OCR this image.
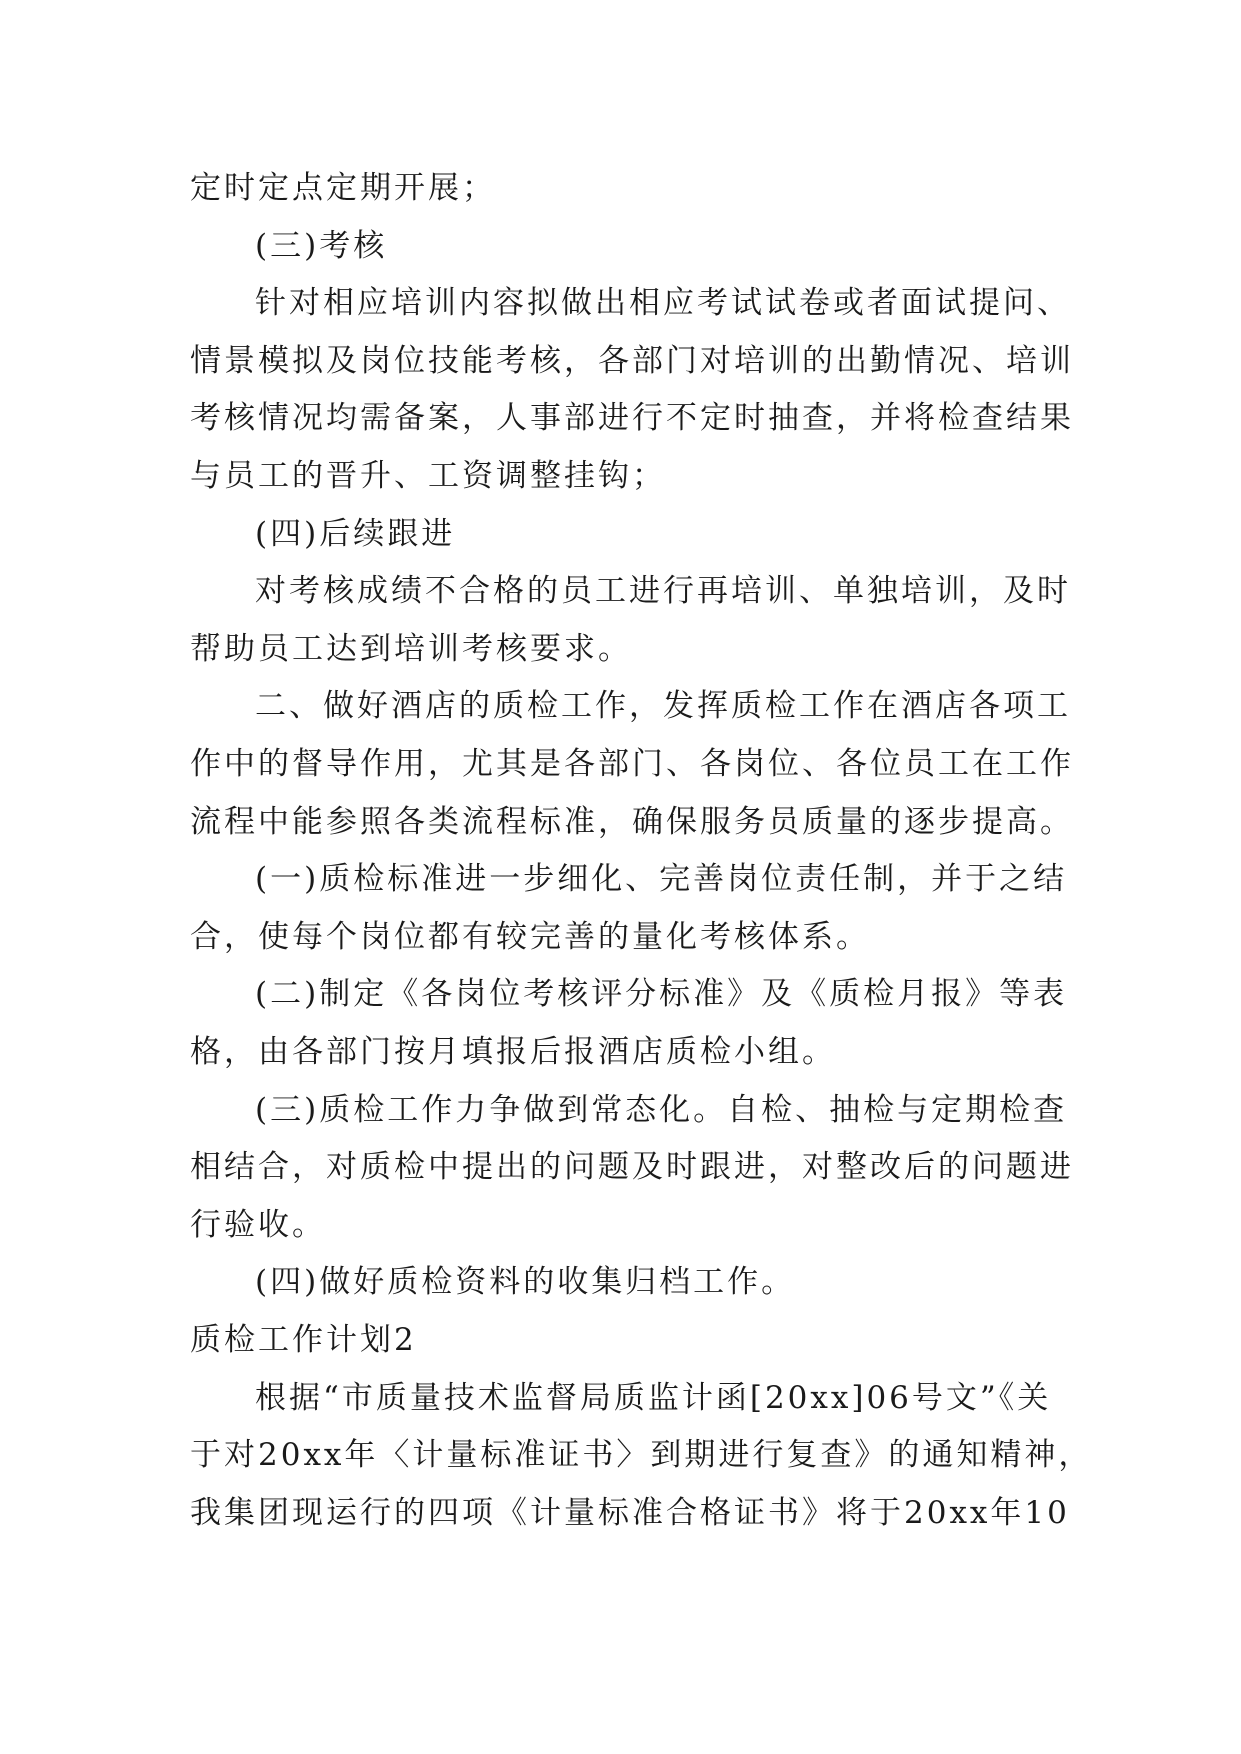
定时定点定期开展；
(三)考核
针对相应培训内容拟做出相应考试试卷或者面试提问、
情景模拟及岗位技能考核，各部门对培训的出勤情况、培训
考核情况均需备案，人事部进行不定时抽查，并将检查结果
与员工的晋升、工资调整挂钩；
(四)后续跟进
对考核成绩不合格的员工进行再培训、单独培训，及时
帮助员工达到培训考核要求。
二、做好酒店的质检工作，发挥质检工作在酒店各项工
作中的督导作用，尤其是各部门、各岗位、各位员工在工作
流程中能参照各类流程标准，确保服务员质量的逐步提高。
(一)质检标准进一步细化、完善岗位责任制，并于之结
合，使每个岗位都有较完善的量化考核体系。
(二)制定《各岗位考核评分标准》及《质检月报》等表
格，由各部门按月填报后报酒店质检小组。
(三)质检工作力争做到常态化。自检、抽检与定期检查
相结合，对质检中提出的问题及时跟进，对整改后的问题进
行验收。
(四)做好质检资料的收集归档工作。
质检工作计划2
根据“市质量技术监督局质监计函[20xx]06号文”《关
于对20xx年〈计量标准证书〉到期进行复查》的通知精神，
我集团现运行的四项《计量标准合格证书》将于20xx年10
